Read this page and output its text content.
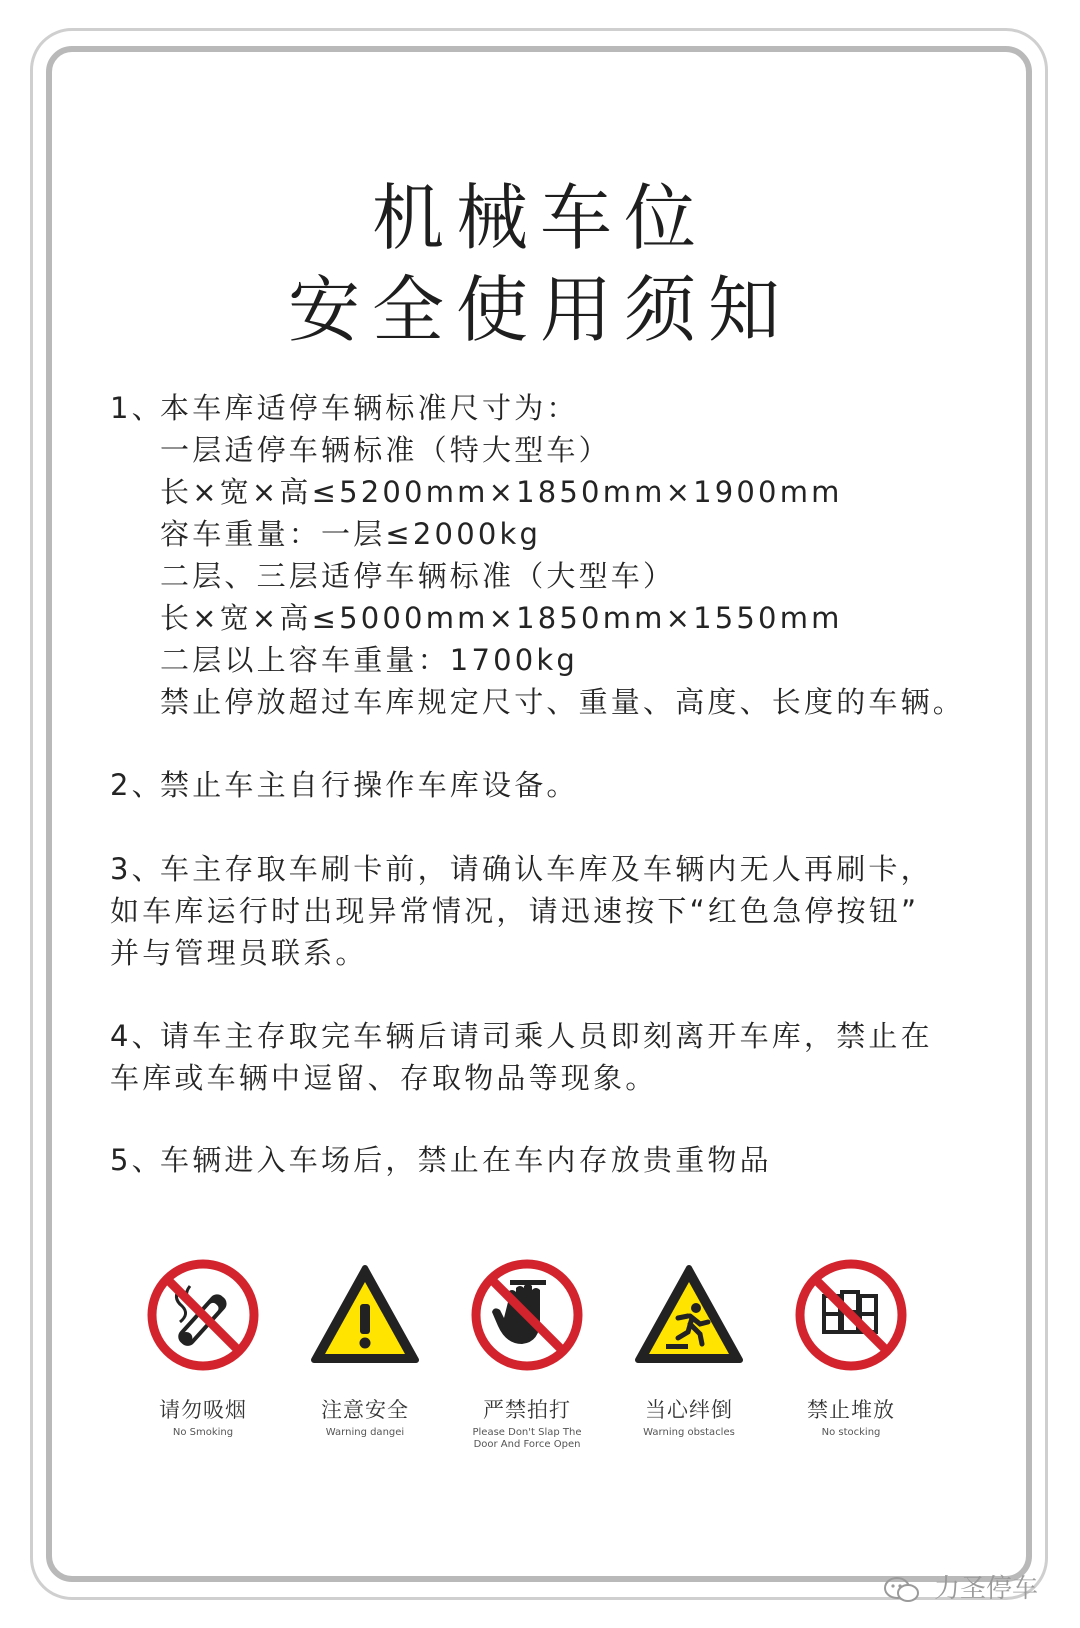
机械车位
安全使用须知
1、
本车库适停车辆标准尺寸为：
一层适停车辆标准（特大型车）
长×宽×高≤5200mm×1850mm×1900mm
容车重量：一层≤2000kg
二层、三层适停车辆标准（大型车）
长×宽×高≤5000mm×1850mm×1550mm
二层以上容车重量：1700kg
禁止停放超过车库规定尺寸、重量、高度、长度的车辆。
2、
禁止车主自行操作车库设备。
3、
车主存取车刷卡前，请确认车库及车辆内无人再刷卡，
如车库运行时出现异常情况，请迅速按下“红色急停按钮”
并与管理员联系。
4、
请车主存取完车辆后请司乘人员即刻离开车库，禁止在
车库或车辆中逗留、存取物品等现象。
5、
车辆进入车场后，禁止在车内存放贵重物品
请勿吸烟
No Smoking
注意安全
Warning dangei
严禁拍打
Please Don't Slap The
Door And Force Open
当心绊倒
Warning obstacles
禁止堆放
No stocking
力圣停车
